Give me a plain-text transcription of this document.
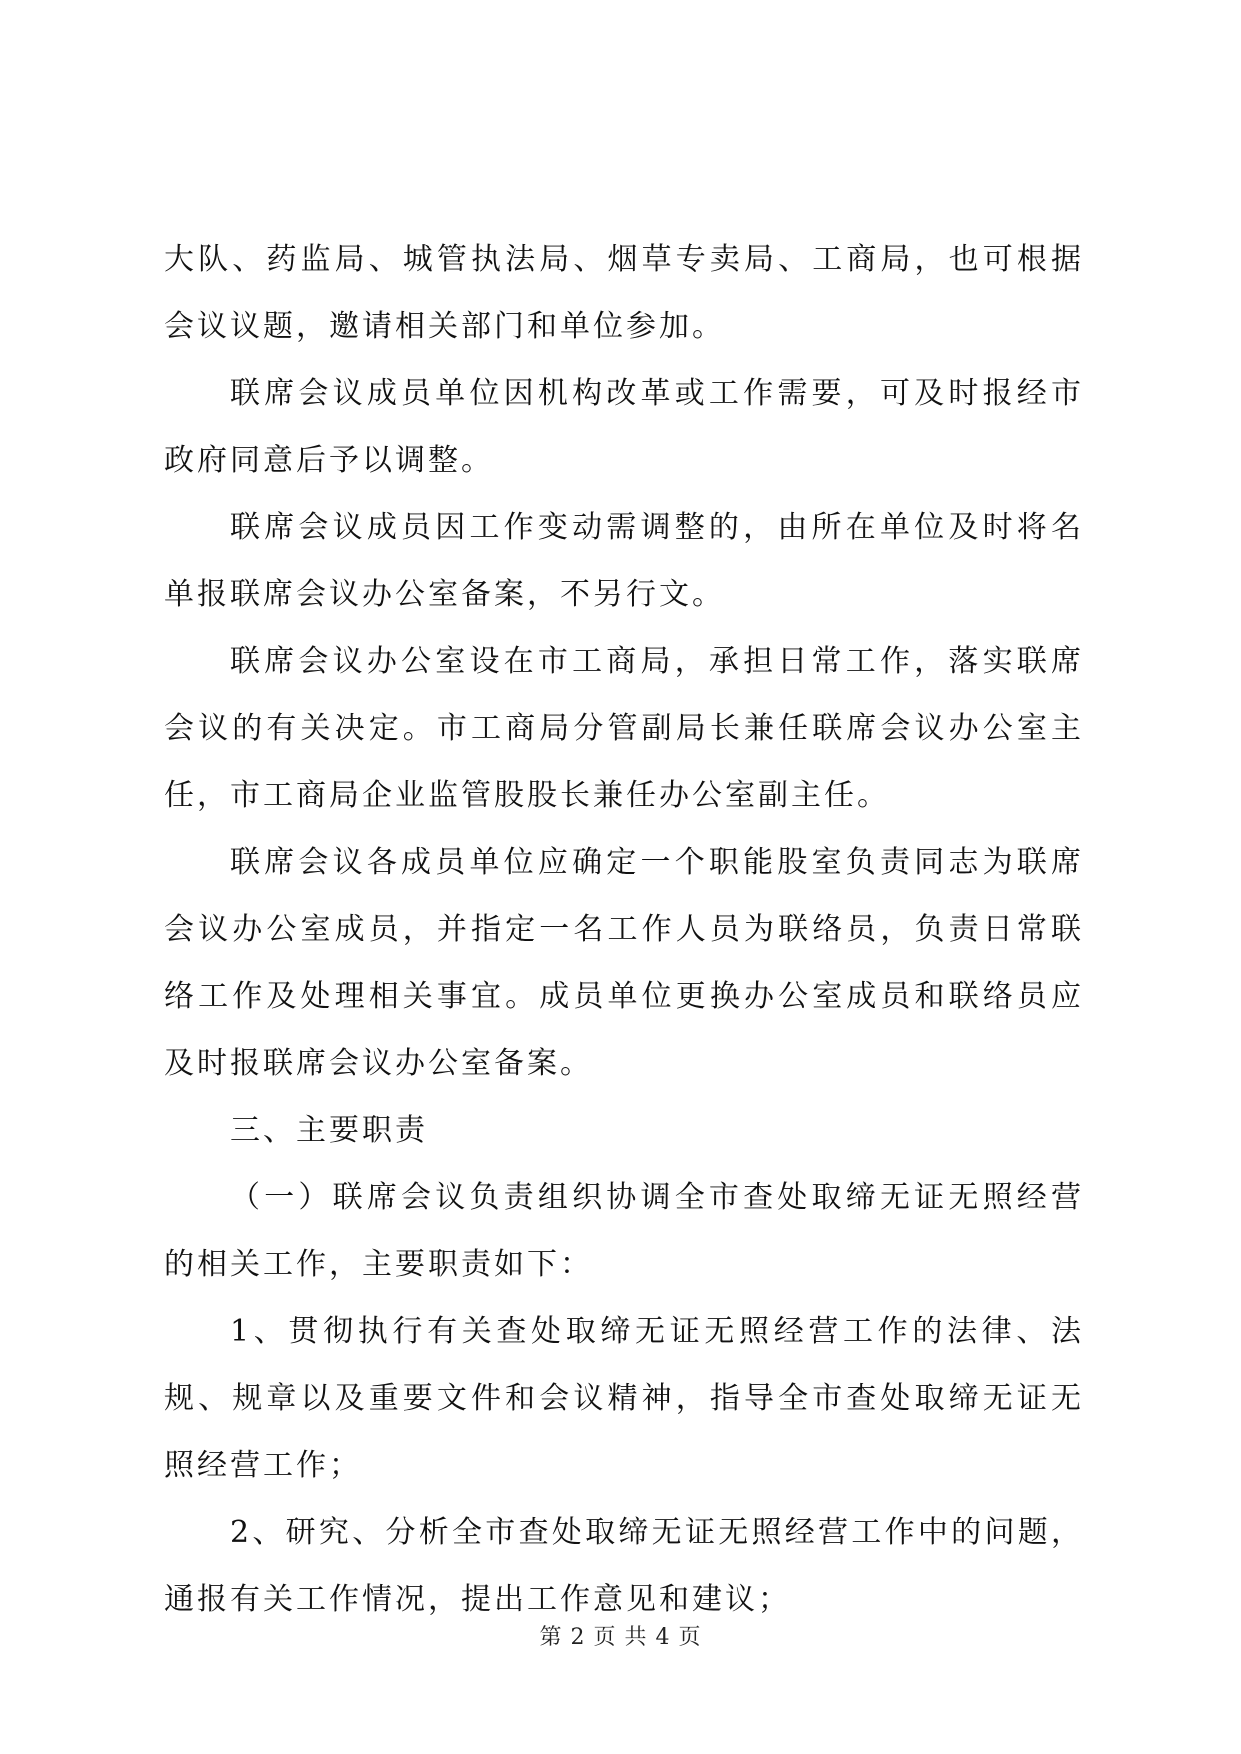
大队、药监局、城管执法局、烟草专卖局、工商局，也可根据会议议题，邀请相关部门和单位参加。

联席会议成员单位因机构改革或工作需要，可及时报经市政府同意后予以调整。

联席会议成员因工作变动需调整的，由所在单位及时将名单报联席会议办公室备案，不另行文。

联席会议办公室设在市工商局，承担日常工作，落实联席会议的有关决定。市工商局分管副局长兼任联席会议办公室主任，市工商局企业监管股股长兼任办公室副主任。

联席会议各成员单位应确定一个职能股室负责同志为联席会议办公室成员，并指定一名工作人员为联络员，负责日常联络工作及处理相关事宜。成员单位更换办公室成员和联络员应及时报联席会议办公室备案。

三、主要职责

（一）联席会议负责组织协调全市查处取缔无证无照经营的相关工作，主要职责如下：

1、贯彻执行有关查处取缔无证无照经营工作的法律、法规、规章以及重要文件和会议精神，指导全市查处取缔无证无照经营工作；

2、研究、分析全市查处取缔无证无照经营工作中的问题，通报有关工作情况，提出工作意见和建议；

第 2 页 共 4 页
